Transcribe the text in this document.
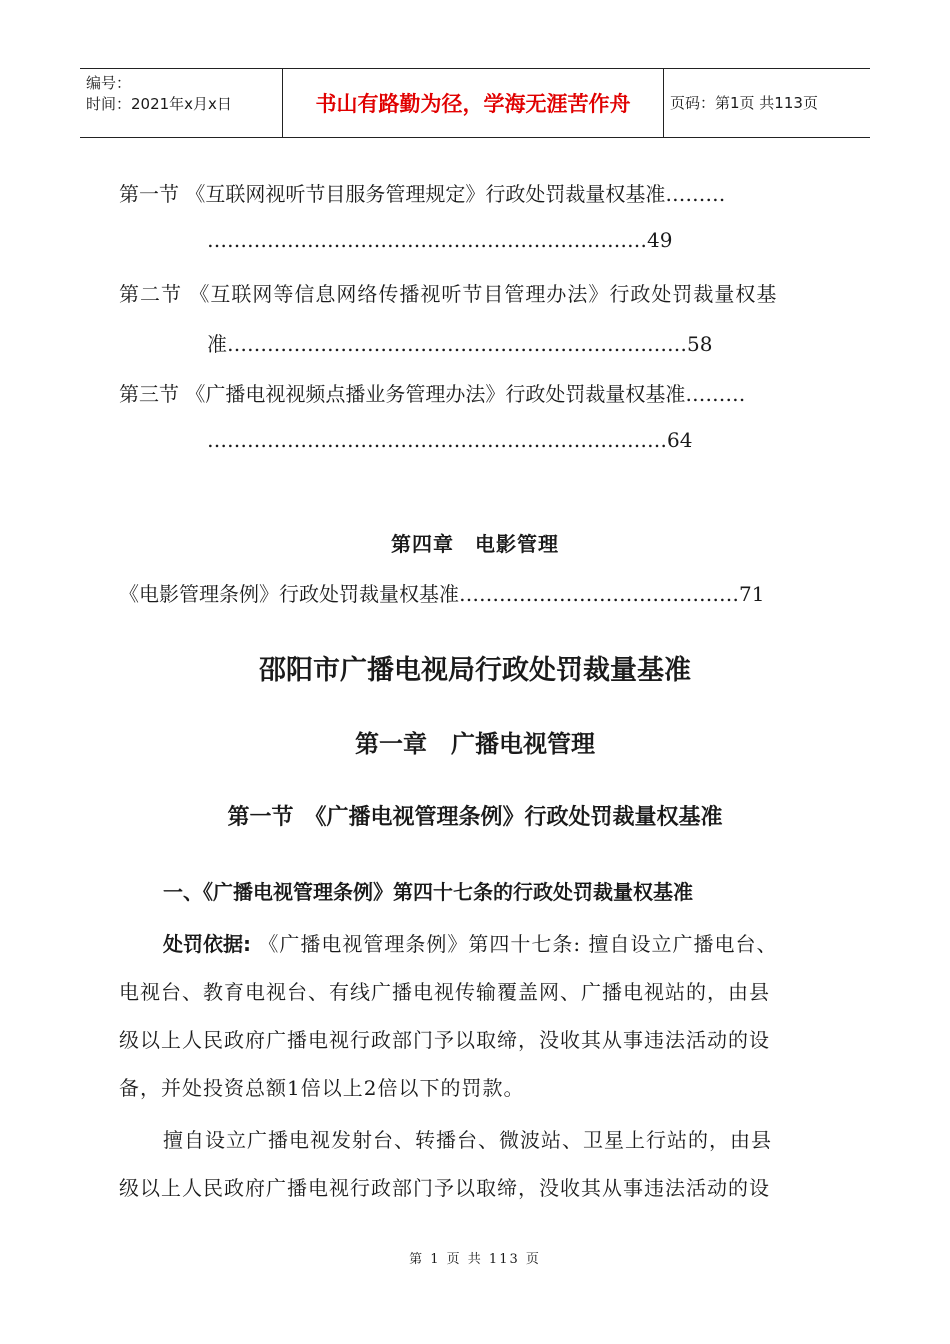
编号：
时间：2021年x月x日	书山有路勤为径，学海无涯苦作舟	页码：第1页 共113页
第一节 《互联网视听节目服务管理规定》行政处罚裁量权基准………
…………………………………………………………49
第二节 《互联网等信息网络传播视听节目管理办法》行政处罚裁量权基
准……………………………………………………………58
第三节 《广播电视视频点播业务管理办法》行政处罚裁量权基准………
……………………………………………………………64
第四章　电影管理
《电影管理条例》行政处罚裁量权基准……………………………………71
邵阳市广播电视局行政处罚裁量基准
第一章　广播电视管理
第一节　《广播电视管理条例》行政处罚裁量权基准
一、《广播电视管理条例》第四十七条的行政处罚裁量权基准
处罚依据: 《广播电视管理条例》第四十七条: 擅自设立广播电台、
电视台、教育电视台、有线广播电视传输覆盖网、广播电视站的，由县
级以上人民政府广播电视行政部门予以取缔，没收其从事违法活动的设
备，并处投资总额1倍以上2倍以下的罚款。
擅自设立广播电视发射台、转播台、微波站、卫星上行站的，由县
级以上人民政府广播电视行政部门予以取缔，没收其从事违法活动的设
第 1 页 共 113 页
